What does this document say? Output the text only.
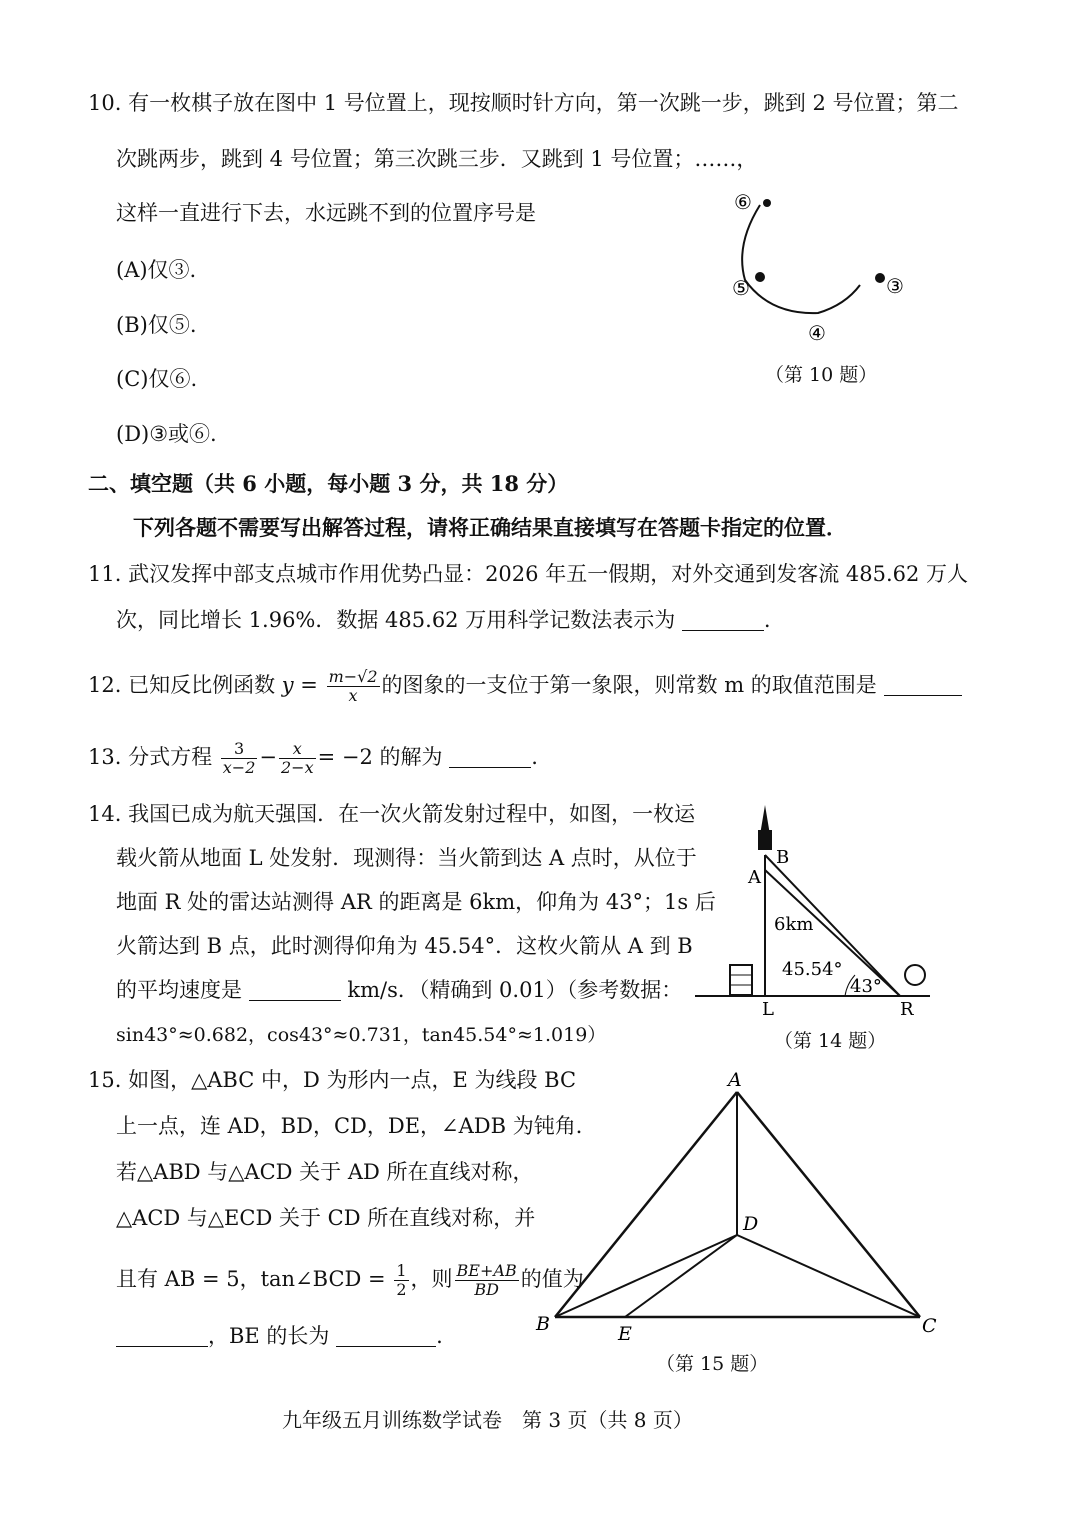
10. 有一枚棋子放在图中 1 号位置上，现按顺时针方向，第一次跳一步，跳到 2 号位置；第二
次跳两步，跳到 4 号位置；第三次跳三步．又跳到 1 号位置；……，
这样一直进行下去，水远跳不到的位置序号是
(A)仅③.
(B)仅⑤.
(C)仅⑥.
(D)③或⑥.
⑥
⑤
④
③
（第 10 题）
二、填空题（共 6 小题，每小题 3 分，共 18 分）
下列各题不需要写出解答过程，请将正确结果直接填写在答题卡指定的位置．
11. 武汉发挥中部支点城市作用优势凸显：2026 年五一假期，对外交通到发客流 485.62 万人
次，同比增长 1.96%．数据 485.62 万用科学记数法表示为	.
12. 已知反比例函数 $y = \frac{m-√2}{x}$ 的图象的一支位于第一象限，则常数 m 的取值范围是
13. 分式方程 $\frac{3}{x-2} - \frac{x}{2-x} = -2$ 的解为	.
14. 我国已成为航天强国．在一次火箭发射过程中，如图，一枚运
载火箭从地面 L 处发射．现测得：当火箭到达 A 点时，从位于
地面 R 处的雷达站测得 AR 的距离是 6km，仰角为 43°；1s 后
火箭达到 B 点，此时测得仰角为 45.54°．这枚火箭从 A 到 B
的平均速度是	km/s．（精确到 0.01）（参考数据：
sin43°≈0.682，cos43°≈0.731，tan45.54°≈1.019）
B
A
6km
45.54°
43°
L	R
（第 14 题）
15. 如图，△ABC 中，D 为形内一点，E 为线段 BC
上一点，连 AD，BD，CD，DE，∠ADB 为钝角．
若△ABD 与△ACD 关于 AD 所在直线对称，
△ACD 与△ECD 关于 CD 所在直线对称，并
且有 AB = 5，tan∠BCD = $\frac{1}{2}$ ，则 $\frac{BE+AB}{BD}$ 的值为
，BE 的长为	.
A
D
B	E	C
（第 15 题）
九年级五月训练数学试卷　第 3 页（共 8 页）
